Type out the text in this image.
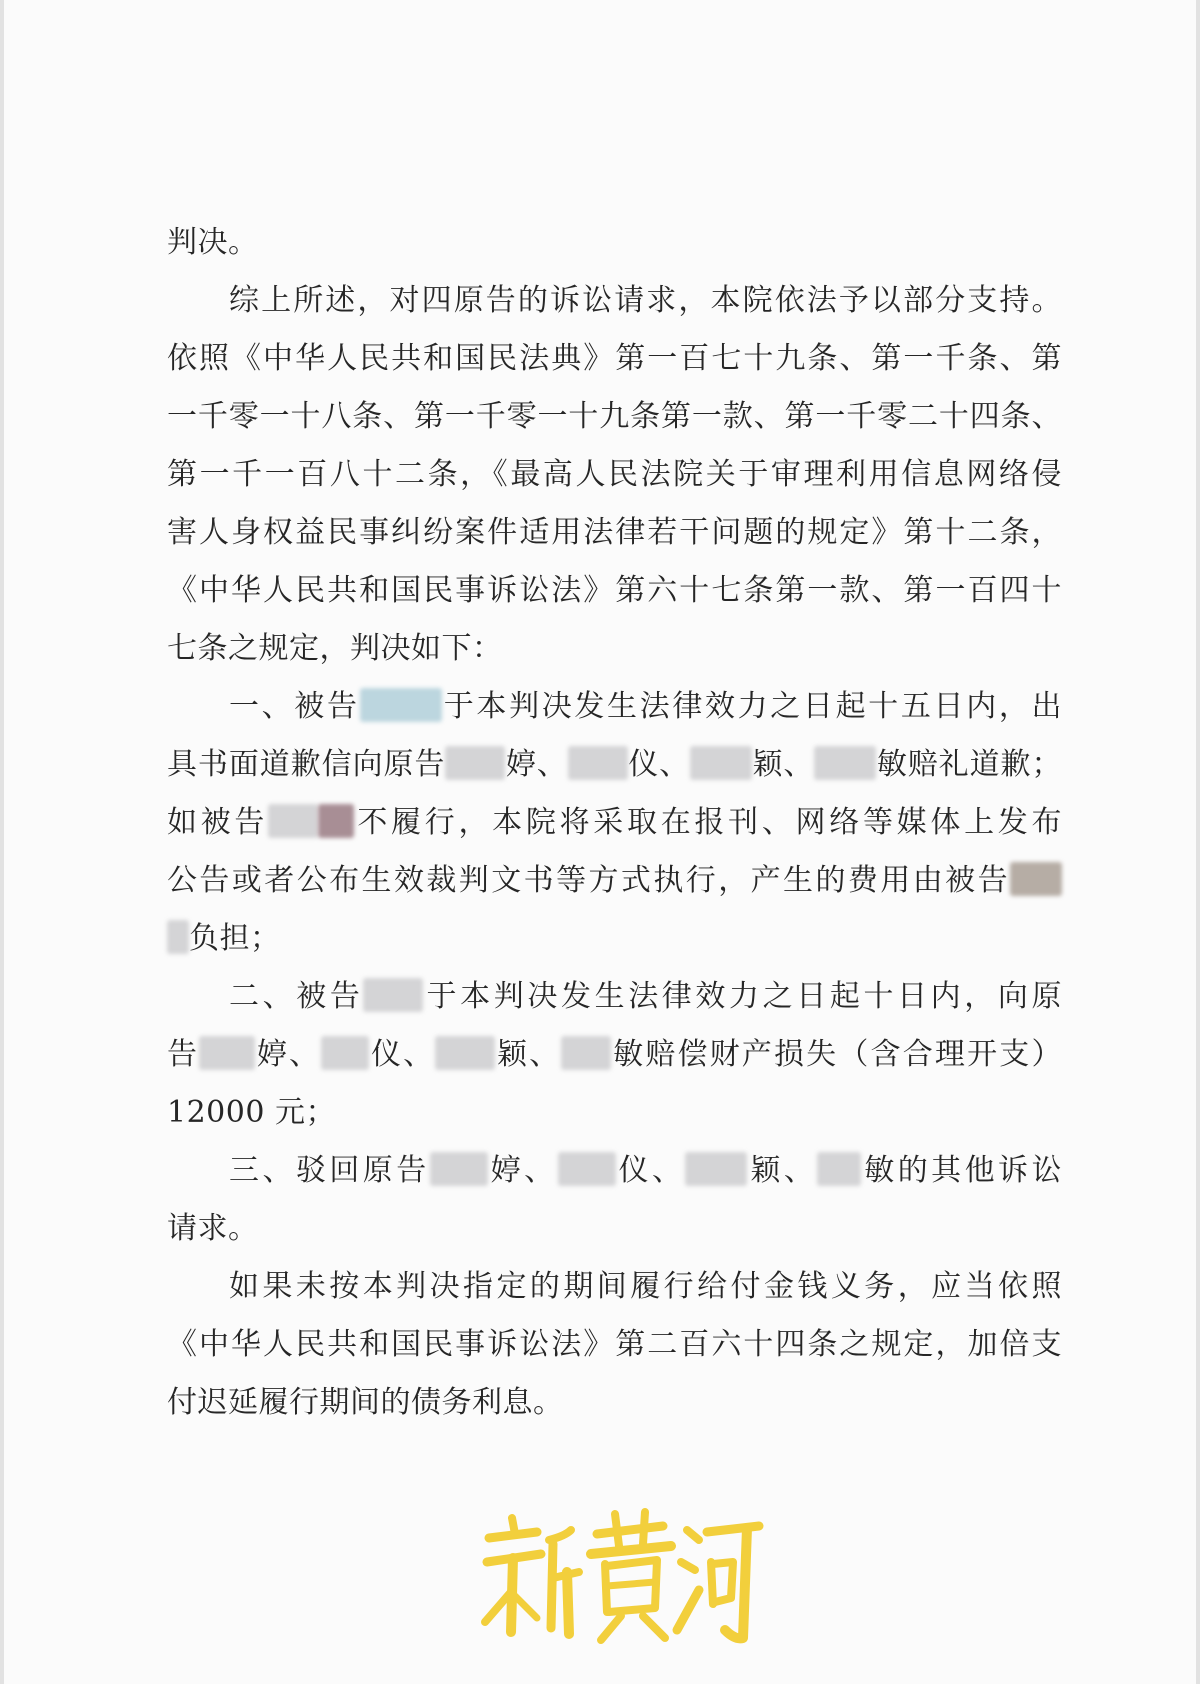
判决。
综上所述，对四原告的诉讼请求，本院依法予以部分支持。
依照《中华人民共和国民法典》第一百七十九条、第一千条、第
一千零一十八条、第一千零一十九条第一款、第一千零二十四条、
第一千一百八十二条，《最高人民法院关于审理利用信息网络侵
害人身权益民事纠纷案件适用法律若干问题的规定》第十二条，
《中华人民共和国民事诉讼法》第六十七条第一款、第一百四十
七条之规定，判决如下：
一、被告	于本判决发生法律效力之日起十五日内，出
具书面道歉信向原告 婷、 仪、 颖、 敏赔礼道歉；
如被告	不履行，本院将采取在报刊、网络等媒体上发布
公告或者公布生效裁判文书等方式执行，产生的费用由被告
负担；
二、被告 于本判决发生法律效力之日起十日内，向原
告 婷、 仪、 颖、 敏赔偿财产损失（含合理开支）
12000 元；
三、驳回原告 婷、 仪、 颖、 敏的其他诉讼
请求。
如果未按本判决指定的期间履行给付金钱义务，应当依照
《中华人民共和国民事诉讼法》第二百六十四条之规定，加倍支
付迟延履行期间的债务利息。
